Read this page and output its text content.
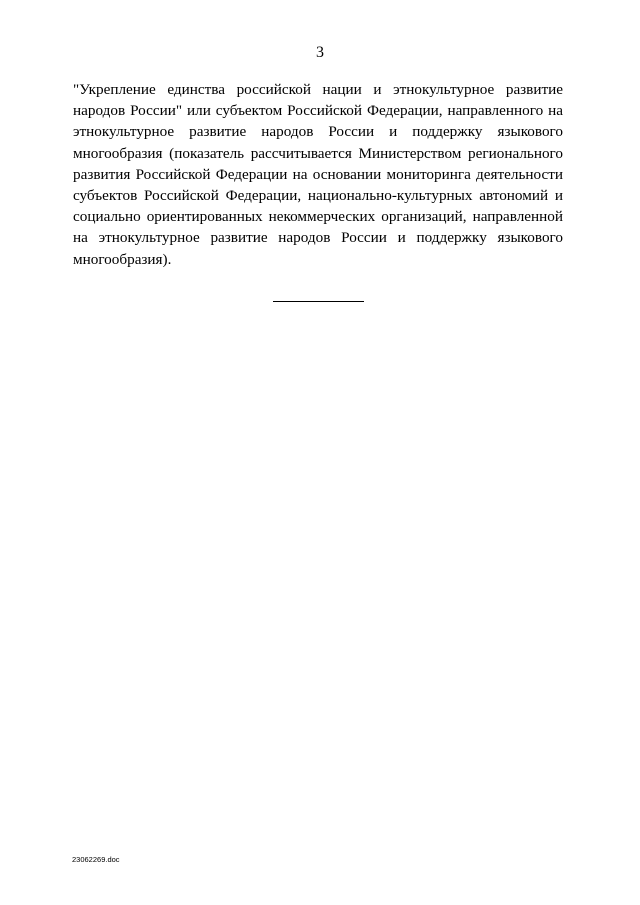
3
"Укрепление единства российской нации и этнокультурное развитие
народов России" или субъектом Российской Федерации, направленного на
этнокультурное развитие народов России и поддержку языкового
многообразия (показатель рассчитывается Министерством регионального
развития Российской Федерации на основании мониторинга деятельности
субъектов Российской Федерации, национально-культурных автономий и
социально ориентированных некоммерческих организаций, направленной
на этнокультурное развитие народов России и поддержку языкового
многообразия).
23062269.doc
